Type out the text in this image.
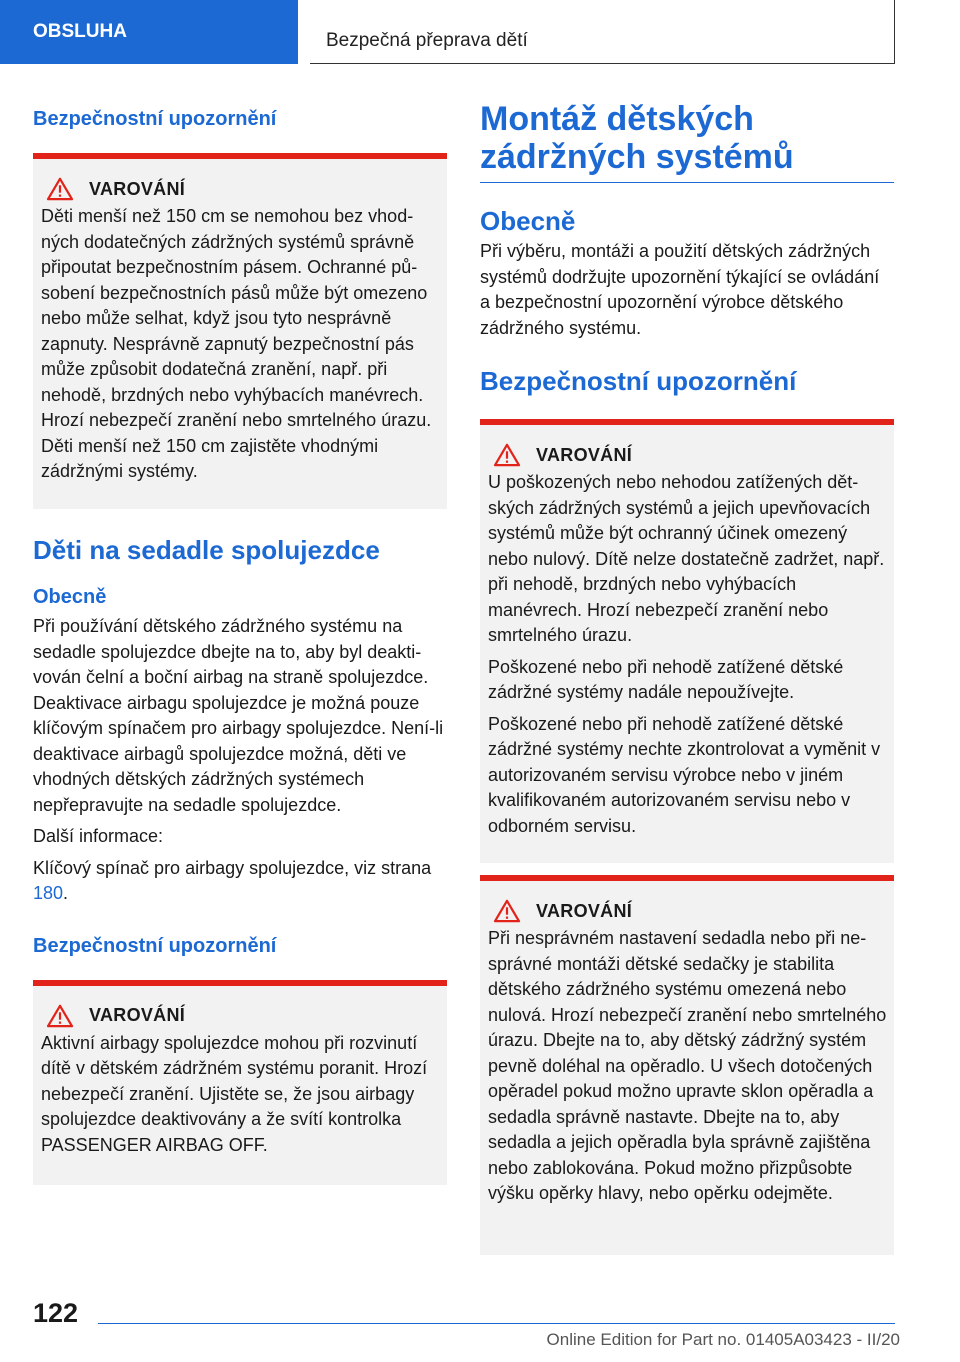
OBSLUHA	Bezpečná přeprava dětí
Bezpečnostní upozornění
VAROVÁNÍ

Děti menší než 150 cm se nemohou bez vhodných dodatečných zádržných systémů správně připoutat bezpečnostním pásem. Ochranné působení bezpečnostních pásů může být omezeno nebo může selhat, když jsou tyto nesprávně zapnuty. Nesprávně zapnutý bezpečnostní pás může způsobit dodatečná zranění, např. při nehodě, brzdných nebo vyhýbacích manévrech. Hrozí nebezpečí zranění nebo smrtelného úrazu. Děti menší než 150 cm zajistěte vhodnými zádržnými systémy.

Děti na sedadle spolujezdce
Obecně

Při používání dětského zádržného systému na sedadle spolujezdce dbejte na to, aby byl deaktivován čelní a boční airbag na straně spolujezdce. Deaktivace airbagu spolujezdce je možná pouze klíčovým spínačem pro airbagy spolujezdce. Není-li deaktivace airbagů spolujezdce možná, děti ve vhodných dětských zádržných systémech nepřepravujte na sedadle spolujezdce.

Další informace:

Klíčový spínač pro airbagy spolujezdce, viz strana 180.

Bezpečnostní upozornění
VAROVÁNÍ

Aktivní airbagy spolujezdce mohou při rozvinutí dítě v dětském zádržném systému poranit. Hrozí nebezpečí zranění. Ujistěte se, že jsou airbagy spolujezdce deaktivovány a že svítí kontrolka PASSENGER AIRBAG OFF.

Montáž dětských
zádržných systémů
Obecně

Při výběru, montáži a použití dětských zádržných systémů dodržujte upozornění týkající se ovládání a bezpečnostní upozornění výrobce dětského zádržného systému.

Bezpečnostní upozornění
VAROVÁNÍ

U poškozených nebo nehodou zatížených dětských zádržných systémů a jejich upevňovacích systémů může být ochranný účinek omezený nebo nulový. Dítě nelze dostatečně zadržet, např. při nehodě, brzdných nebo vyhýbacích manévrech. Hrozí nebezpečí zranění nebo smrtelného úrazu.

Poškozené nebo při nehodě zatížené dětské zádržné systémy nadále nepoužívejte.

Poškozené nebo při nehodě zatížené dětské zádržné systémy nechte zkontrolovat a vyměnit v autorizovaném servisu výrobce nebo v jiném kvalifikovaném autorizovaném servisu nebo v odborném servisu.

VAROVÁNÍ

Při nesprávném nastavení sedadla nebo při nesprávné montáži dětské sedačky je stabilita dětského zádržného systému omezená nebo nulová. Hrozí nebezpečí zranění nebo smrtelného úrazu. Dbejte na to, aby dětský zádržný systém pevně doléhal na opěradlo. U všech dotočených opěradel pokud možno upravte sklon opěradla a sedadla správně nastavte. Dbejte na to, aby sedadla a jejich opěradla byla správně zajištěna nebo zablokována. Pokud možno přizpůsobte výšku opěrky hlavy, nebo opěrku odejměte.

122
Online Edition for Part no. 01405A03423 - II/20
